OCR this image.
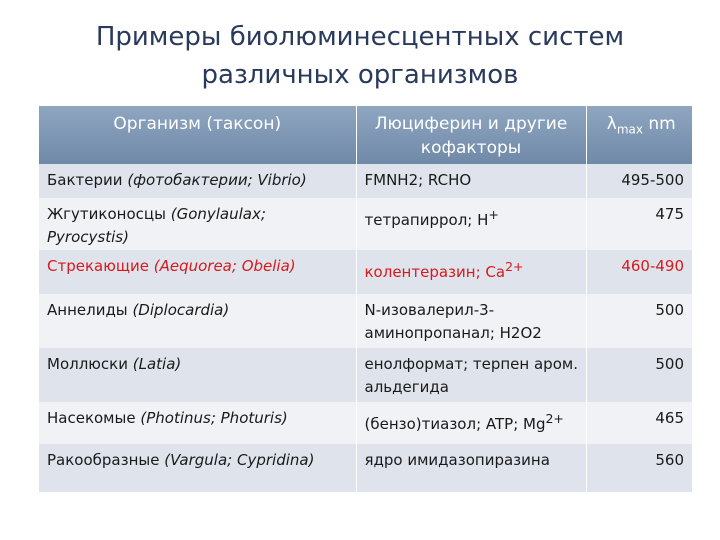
Примеры биолюминесцентных систем
различных организмов
Организм (таксон)	Люциферин и другие кофакторы	$\lambda_{max}$ nm
Бактерии (фотобактерии; Vibrio)	FMNH2; RCHO	495-500
Жгутиконосцы (Gonylaulax; Pyrocystis)	тетрапиррол; H+	475
Стрекающие (Aequorea; Obelia)	колентеразин; $Ca^{2+}$	460-490
Аннелиды (Diplocardia)	N-изовалерил-3-аминопропанал; H2O2	500
Моллюски (Latia)	енолформат; терпен аром. альдегида	500
Насекомые (Photinus; Photuris)	(бензо)тиазол; ATP; $Mg^{2+}$	465
Ракообразные (Vargula; Cypridina)	ядро имидазопиразина	560
